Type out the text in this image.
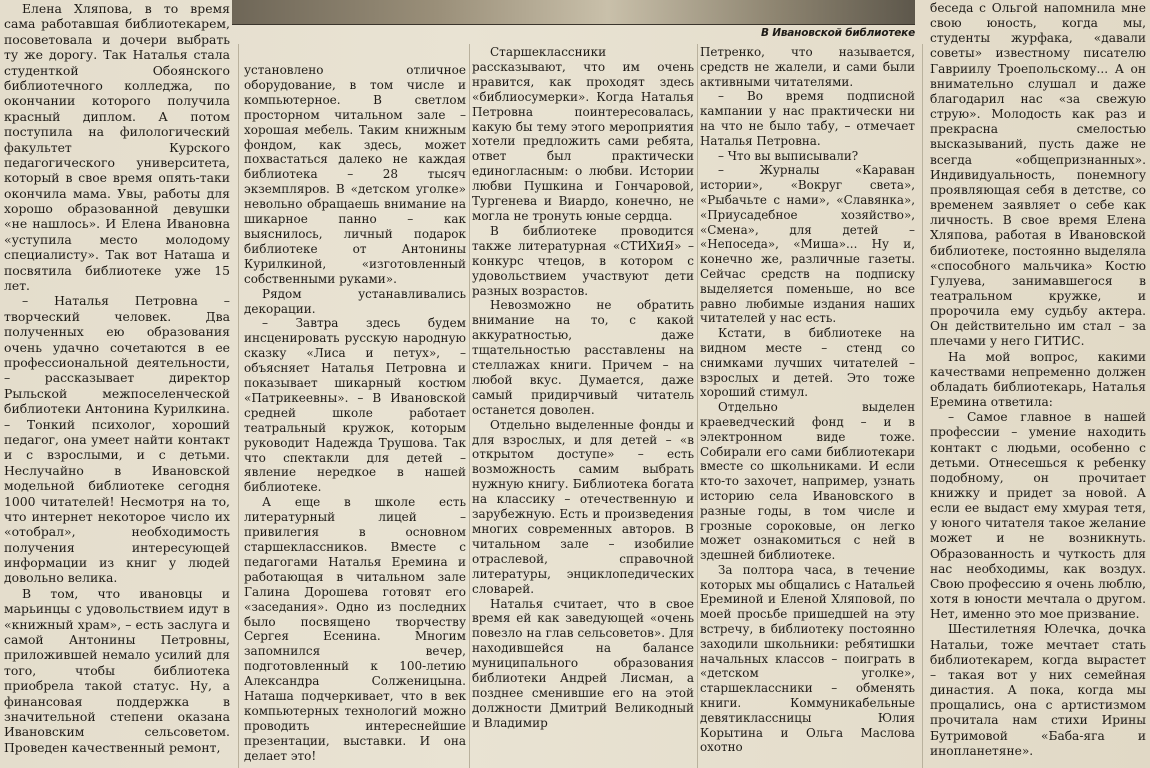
В Ивановской библиотеке

Елена Хляпова, в то время сама работавшая библиотекарем, посоветовала и дочери выбрать ту же дорогу. Так Наталья стала студенткой Обоянского библиотечного колледжа, по окончании которого получила красный диплом. А потом поступила на филологический факультет Курского педагогического университета, который в свое время опять-таки окончила мама. Увы, работы для хорошо образованной девушки «не нашлось». И Елена Ивановна «уступила место молодому специалисту». Так вот Наташа и посвятила библиотеке уже 15 лет.

– Наталья Петровна – творческий человек. Два полученных ею образования очень удачно сочетаются в ее профессиональной деятельности, – рассказывает директор Рыльской межпоселенческой библиотеки Антонина Курилкина. – Тонкий психолог, хороший педагог, она умеет найти контакт и с взрослыми, и с детьми. Неслучайно в Ивановской модельной библиотеке сегодня 1000 читателей! Несмотря на то, что интернет некоторое число их «отобрал», необходимость получения интересующей информации из книг у людей довольно велика.

В том, что ивановцы и марьинцы с удовольствием идут в «книжный храм», – есть заслуга и самой Антонины Петровны, приложившей немало усилий для того, чтобы библиотека приобрела такой статус. Ну, а финансовая поддержка в значительной степени оказана Ивановским сельсоветом. Проведен качественный ремонт,

установлено отличное оборудование, в том числе и компьютерное. В светлом просторном читальном зале – хорошая мебель. Таким книжным фондом, как здесь, может похвастаться далеко не каждая библиотека – 28 тысяч экземпляров. В «детском уголке» невольно обращаешь внимание на шикарное панно – как выяснилось, личный подарок библиотеке от Антонины Курилкиной, «изготовленный собственными руками».

Рядом устанавливались декорации.

– Завтра здесь будем инсценировать русскую народную сказку «Лиса и петух», – объясняет Наталья Петровна и показывает шикарный костюм «Патрикеевны». – В Ивановской средней школе работает театральный кружок, которым руководит Надежда Трушова. Так что спектакли для детей – явление нередкое в нашей библиотеке.

А еще в школе есть литературный лицей – привилегия в основном старшеклассников. Вместе с педагогами Наталья Еремина и работающая в читальном зале Галина Дорошева готовят его «заседания». Одно из последних было посвящено творчеству Сергея Есенина. Многим запомнился вечер, подготовленный к 100-летию Александра Солженицына. Наташа подчеркивает, что в век компьютерных технологий можно проводить интереснейшие презентации, выставки. И она делает это!

Старшеклассники рассказывают, что им очень нравится, как проходят здесь «библиосумерки». Когда Наталья Петровна поинтересовалась, какую бы тему этого мероприятия хотели предложить сами ребята, ответ был практически единогласным: о любви. Истории любви Пушкина и Гончаровой, Тургенева и Виардо, конечно, не могла не тронуть юные сердца.

В библиотеке проводится также литературная «СТИХиЯ» – конкурс чтецов, в котором с удовольствием участвуют дети разных возрастов.

Невозможно не обратить внимание на то, с какой аккуратностью, даже тщательностью расставлены на стеллажах книги. Причем – на любой вкус. Думается, даже самый придирчивый читатель останется доволен.

Отдельно выделенные фонды и для взрослых, и для детей – «в открытом доступе» – есть возможность самим выбрать нужную книгу. Библиотека богата на классику – отечественную и зарубежную. Есть и произведения многих современных авторов. В читальном зале – изобилие отраслевой, справочной литературы, энциклопедических словарей.

Наталья считает, что в свое время ей как заведующей «очень повезло на глав сельсоветов». Для находившейся на балансе муниципального образования библиотеки Андрей Лисман, а позднее сменившие его на этой должности Дмитрий Великодный и Владимир

Петренко, что называется, средств не жалели, и сами были активными читателями.

– Во время подписной кампании у нас практически ни на что не было табу, – отмечает Наталья Петровна.

– Что вы выписывали?

– Журналы «Караван истории», «Вокруг света», «Рыбачьте с нами», «Славянка», «Приусадебное хозяйство», «Смена», для детей – «Непоседа», «Миша»... Ну и, конечно же, различные газеты. Сейчас средств на подписку выделяется поменьше, но все равно любимые издания наших читателей у нас есть.

Кстати, в библиотеке на видном месте – стенд со снимками лучших читателей – взрослых и детей. Это тоже хороший стимул.

Отдельно выделен краеведческий фонд – и в электронном виде тоже. Собирали его сами библиотекари вместе со школьниками. И если кто-то захочет, например, узнать историю села Ивановского в разные годы, в том числе и грозные сороковые, он легко может ознакомиться с ней в здешней библиотеке.

За полтора часа, в течение которых мы общались с Натальей Ереминой и Еленой Хляповой, по моей просьбе пришедшей на эту встречу, в библиотеку постоянно заходили школьники: ребятишки начальных классов – поиграть в «детском уголке», старшеклассники – обменять книги. Коммуникабельные девятиклассницы Юлия Корытина и Ольга Маслова охотно

беседа с Ольгой напомнила мне свою юность, когда мы, студенты журфака, «давали советы» известному писателю Гавриилу Троепольскому... А он внимательно слушал и даже благодарил нас «за свежую струю». Молодость как раз и прекрасна смелостью высказываний, пусть даже не всегда «общепризнанных». Индивидуальность, понемногу проявляющая себя в детстве, со временем заявляет о себе как личность. В свое время Елена Хляпова, работая в Ивановской библиотеке, постоянно выделяла «способного мальчика» Костю Гулуева, занимавшегося в театральном кружке, и пророчила ему судьбу актера. Он действительно им стал – за плечами у него ГИТИС.

На мой вопрос, какими качествами непременно должен обладать библиотекарь, Наталья Еремина ответила:

– Самое главное в нашей профессии – умение находить контакт с людьми, особенно с детьми. Отнесешься к ребенку подобному, он прочитает книжку и придет за новой. А если ее выдаст ему хмурая тетя, у юного читателя такое желание может и не возникнуть. Образованность и чуткость для нас необходимы, как воздух. Свою профессию я очень люблю, хотя в юности мечтала о другом. Нет, именно это мое призвание.

Шестилетняя Юлечка, дочка Натальи, тоже мечтает стать библиотекарем, когда вырастет – такая вот у них семейная династия. А пока, когда мы прощались, она с артистизмом прочитала нам стихи Ирины Бутримовой «Баба-яга и инопланетяне».
